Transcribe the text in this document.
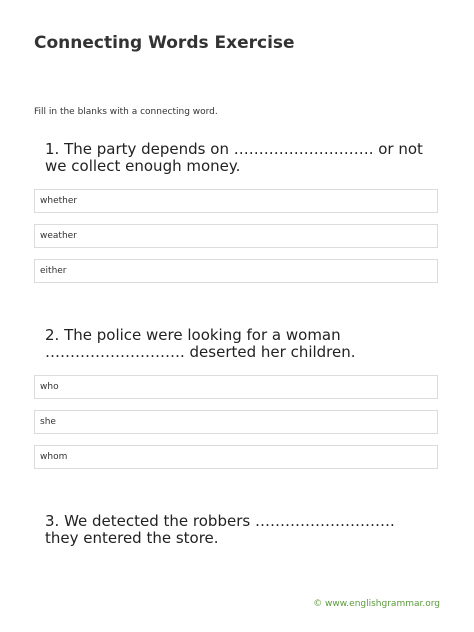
Connecting Words Exercise
Fill in the blanks with a connecting word.
1. The party depends on ………………………. or not
we collect enough money.
whether
weather
either
2. The police were looking for a woman
………………………. deserted her children.
who
she
whom
3. We detected the robbers ……………………….
they entered the store.
© www.englishgrammar.org
